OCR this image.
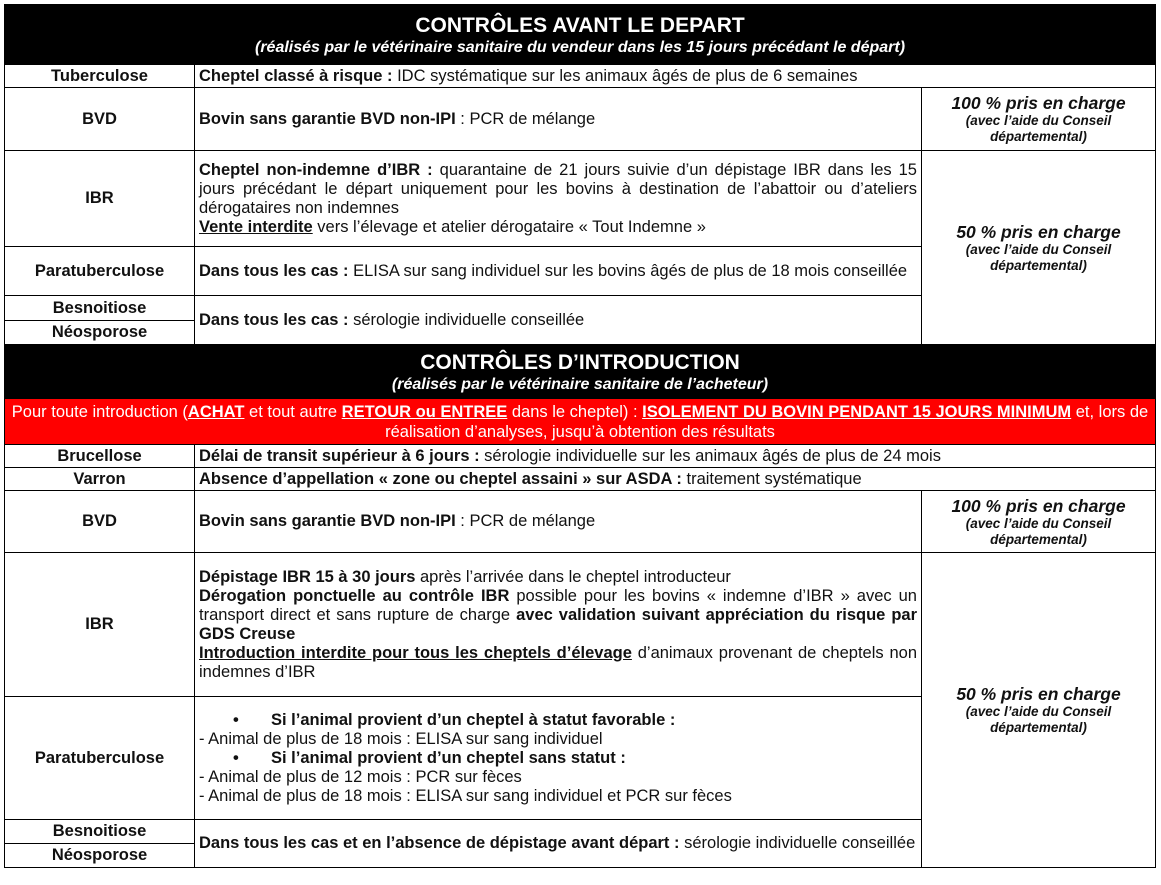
CONTRÔLES AVANT LE DEPART
(réalisés par le vétérinaire sanitaire du vendeur dans les 15 jours précédant le départ)		

Tuberculose	Cheptel classé à risque : IDC systématique sur les animaux âgés de plus de 6 semaines	
BVD	Bovin sans garantie BVD non-IPI : PCR de mélange	100 % pris en charge
(avec l’aide du Conseil départemental)

IBR	Cheptel non-indemne d’IBR : quarantaine de 21 jours suivie d’un dépistage IBR dans les 15 jours précédant le départ uniquement pour les bovins à destination de l’abattoir ou d’ateliers dérogataires non indemnes
Vente interdite vers l’élevage et atelier dérogataire « Tout Indemne »	50 % pris en charge
(avec l’aide du Conseil départemental)

Paratuberculose	Dans tous les cas : ELISA sur sang individuel sur les bovins âgés de plus de 18 mois conseillée	

Besnoitiose
Néosporose	Dans tous les cas : sérologie individuelle conseillée	

CONTRÔLES D’INTRODUCTION
(réalisés par le vétérinaire sanitaire de l’acheteur)		

Pour toute introduction (ACHAT et tout autre RETOUR ou ENTREE dans le cheptel) : ISOLEMENT DU BOVIN PENDANT 15 JOURS MINIMUM et, lors de réalisation d’analyses, jusqu’à obtention des résultats		
Brucellose	Délai de transit supérieur à 6 jours : sérologie individuelle sur les animaux âgés de plus de 24 mois	
Varron	Absence d’appellation « zone ou cheptel assaini » sur ASDA : traitement systématique	
BVD	Bovin sans garantie BVD non-IPI : PCR de mélange	100 % pris en charge
(avec l’aide du Conseil départemental)

IBR	Dépistage IBR 15 à 30 jours après l’arrivée dans le cheptel introducteur
Dérogation ponctuelle au contrôle IBR possible pour les bovins « indemne d’IBR » avec un transport direct et sans rupture de charge avec validation suivant appréciation du risque par GDS Creuse
Introduction interdite pour tous les cheptels d’élevage d’animaux provenant de cheptels non indemnes d’IBR	50 % pris en charge
(avec l’aide du Conseil départemental)

Paratuberculose	• Si l’animal provient d’un cheptel à statut favorable :
- Animal de plus de 18 mois : ELISA sur sang individuel
• Si l’animal provient d’un cheptel sans statut :
- Animal de plus de 12 mois : PCR sur fèces
- Animal de plus de 18 mois : ELISA sur sang individuel et PCR sur fèces	

Besnoitiose
Néosporose	Dans tous les cas et en l’absence de dépistage avant départ : sérologie individuelle conseillée	
